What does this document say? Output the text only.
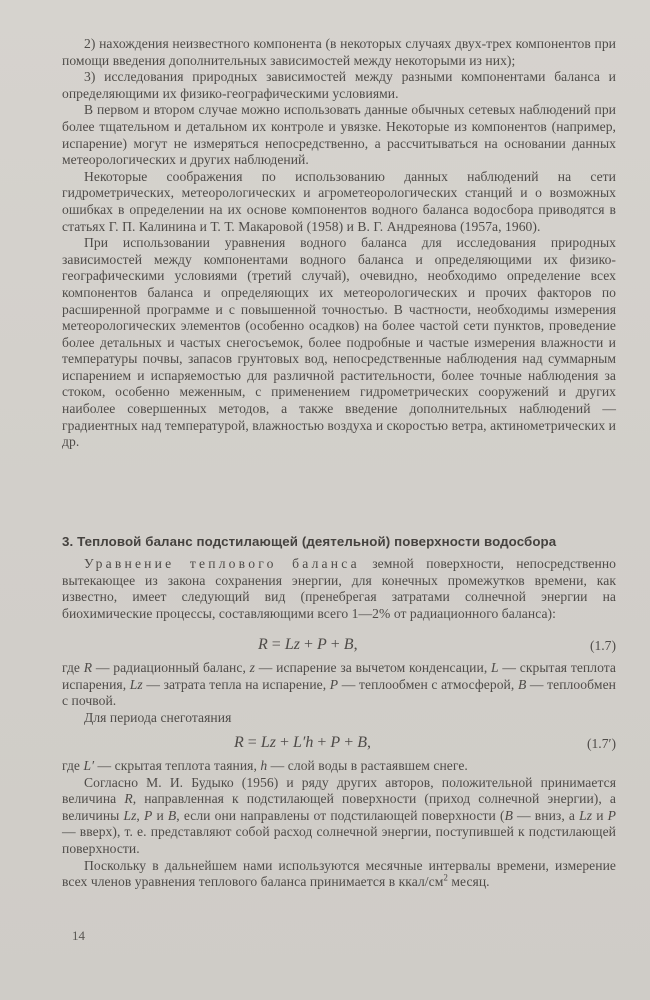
2) нахождения неизвестного компонента (в некоторых случаях двух-трех компонентов при помощи введения дополнительных зависимостей между некоторыми из них);

3) исследования природных зависимостей между разными компонентами баланса и определяющими их физико-географическими условиями.

В первом и втором случае можно использовать данные обычных сетевых наблюдений при более тщательном и детальном их контроле и увязке. Некоторые из компонентов (например, испарение) могут не измеряться непосредственно, а рассчитываться на основании данных метеорологических и других наблюдений.

Некоторые соображения по использованию данных наблюдений на сети гидрометрических, метеорологических и агрометеорологических станций и о возможных ошибках в определении на их основе компонентов водного баланса водосбора приводятся в статьях Г. П. Калинина и Т. Т. Макаровой (1958) и В. Г. Андреянова (1957а, 1960).

При использовании уравнения водного баланса для исследования природных зависимостей между компонентами водного баланса и определяющими их физико-географическими условиями (третий случай), очевидно, необходимо определение всех компонентов баланса и определяющих их метеорологических и прочих факторов по расширенной программе и с повышенной точностью. В частности, необходимы измерения метеорологических элементов (особенно осадков) на более частой сети пунктов, проведение более детальных и частых снегосъемок, более подробные и частые измерения влажности и температуры почвы, запасов грунтовых вод, непосредственные наблюдения над суммарным испарением и испаряемостью для различной растительности, более точные наблюдения за стоком, особенно меженным, с применением гидрометрических сооружений и других наиболее совершенных методов, а также введение дополнительных наблюдений — градиентных над температурой, влажностью воздуха и скоростью ветра, актинометрических и др.

3. Тепловой баланс подстилающей (деятельной) поверхности водосбора

Уравнение теплового баланса земной поверхности, непосредственно вытекающее из закона сохранения энергии, для конечных промежутков времени, как известно, имеет следующий вид (пренебрегая затратами солнечной энергии на биохимические процессы, составляющими всего 1—2% от радиационного баланса):

R = Lz + P + B,	(1.7)

где R — радиационный баланс, z — испарение за вычетом конденсации, L — скрытая теплота испарения, Lz — затрата тепла на испарение, P — теплообмен с атмосферой, B — теплообмен с почвой.

Для периода снеготаяния

R = Lz + L′h + P + B,	(1.7′)

где L′ — скрытая теплота таяния, h — слой воды в растаявшем снеге.

Согласно М. И. Будыко (1956) и ряду других авторов, положительной принимается величина R, направленная к подстилающей поверхности (приход солнечной энергии), а величины Lz, P и B, если они направлены от подстилающей поверхности (B — вниз, а Lz и P — вверх), т. е. представляют собой расход солнечной энергии, поступившей к подстилающей поверхности.

Поскольку в дальнейшем нами используются месячные интервалы времени, измерение всех членов уравнения теплового баланса принимается в ккал/$см^2$ месяц.

14
